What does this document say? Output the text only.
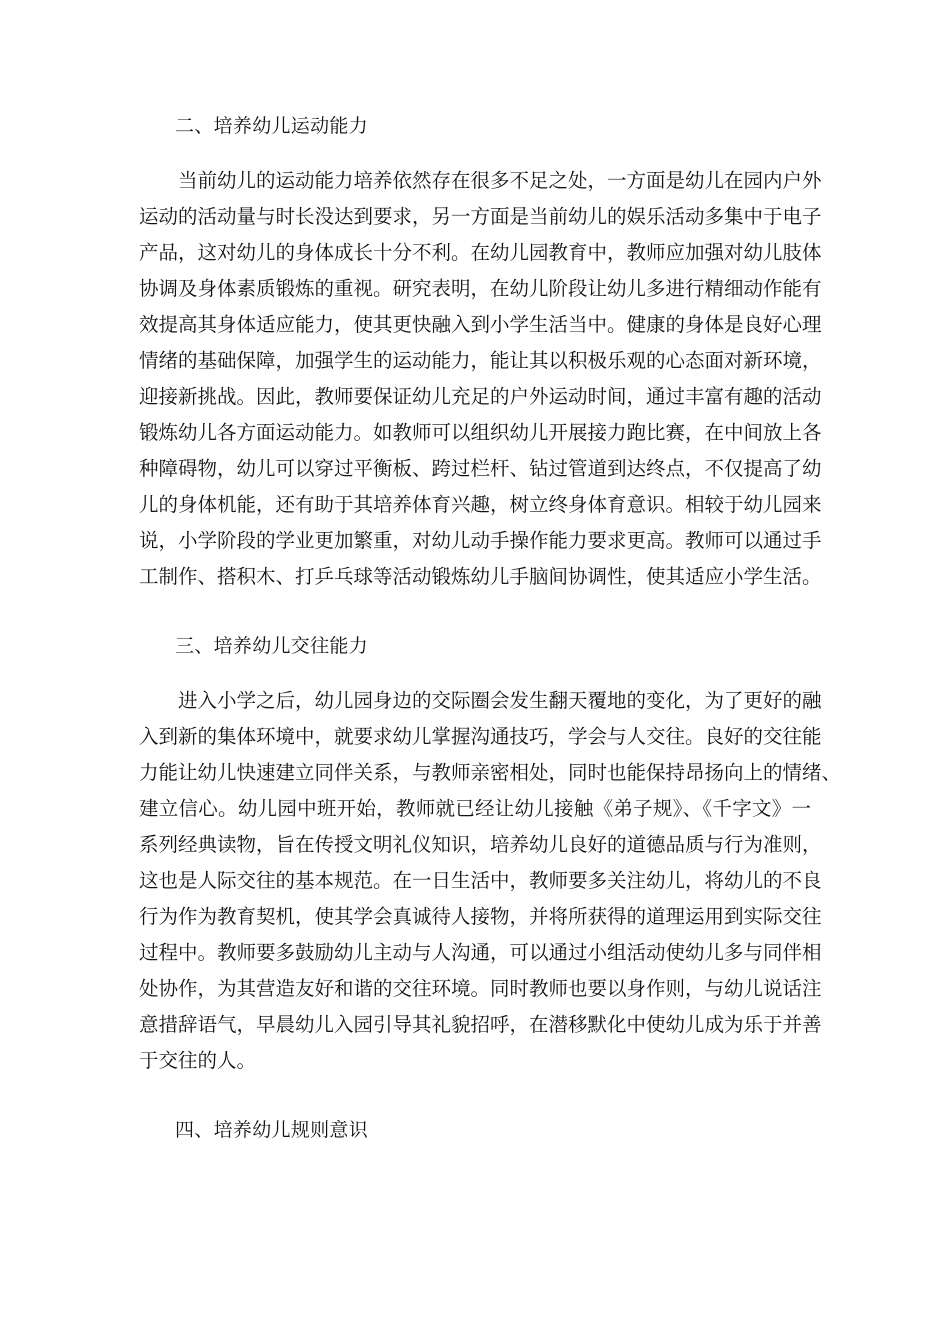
二、培养幼儿运动能力
当前幼儿的运动能力培养依然存在很多不足之处，一方面是幼儿在园内户外
运动的活动量与时长没达到要求，另一方面是当前幼儿的娱乐活动多集中于电子
产品，这对幼儿的身体成长十分不利。在幼儿园教育中，教师应加强对幼儿肢体
协调及身体素质锻炼的重视。研究表明，在幼儿阶段让幼儿多进行精细动作能有
效提高其身体适应能力，使其更快融入到小学生活当中。健康的身体是良好心理
情绪的基础保障，加强学生的运动能力，能让其以积极乐观的心态面对新环境，
迎接新挑战。因此，教师要保证幼儿充足的户外运动时间，通过丰富有趣的活动
锻炼幼儿各方面运动能力。如教师可以组织幼儿开展接力跑比赛，在中间放上各
种障碍物，幼儿可以穿过平衡板、跨过栏杆、钻过管道到达终点，不仅提高了幼
儿的身体机能，还有助于其培养体育兴趣，树立终身体育意识。相较于幼儿园来
说，小学阶段的学业更加繁重，对幼儿动手操作能力要求更高。教师可以通过手
工制作、搭积木、打乒乓球等活动锻炼幼儿手脑间协调性，使其适应小学生活。
三、培养幼儿交往能力
进入小学之后，幼儿园身边的交际圈会发生翻天覆地的变化，为了更好的融
入到新的集体环境中，就要求幼儿掌握沟通技巧，学会与人交往。良好的交往能
力能让幼儿快速建立同伴关系，与教师亲密相处，同时也能保持昂扬向上的情绪、
建立信心。幼儿园中班开始，教师就已经让幼儿接触《弟子规》、《千字文》一
系列经典读物，旨在传授文明礼仪知识，培养幼儿良好的道德品质与行为准则，
这也是人际交往的基本规范。在一日生活中，教师要多关注幼儿，将幼儿的不良
行为作为教育契机，使其学会真诚待人接物，并将所获得的道理运用到实际交往
过程中。教师要多鼓励幼儿主动与人沟通，可以通过小组活动使幼儿多与同伴相
处协作，为其营造友好和谐的交往环境。同时教师也要以身作则，与幼儿说话注
意措辞语气，早晨幼儿入园引导其礼貌招呼，在潜移默化中使幼儿成为乐于并善
于交往的人。
四、培养幼儿规则意识
